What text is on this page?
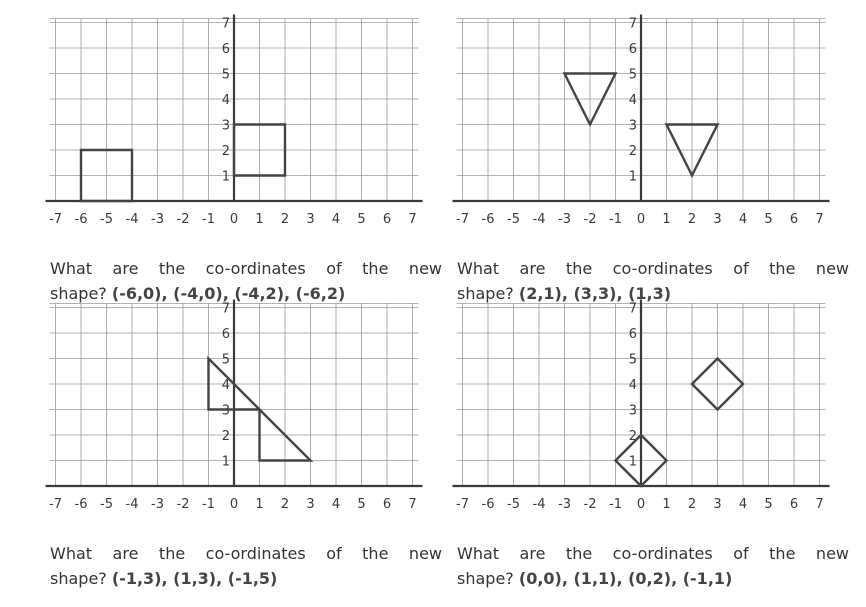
-7 -6 -5 -4 -3 -2 -1 0 1 2 3 4 5 6 7
1
2
3
4
5
6
7
What are the co-ordinates of the new
shape? (-6,0), (-4,0), (-4,2), (-6,2)
-7 -6 -5 -4 -3 -2 -1 0 1 2 3 4 5 6 7
1
2
3
4
5
6
7
What are the co-ordinates of the new
shape? (2,1), (3,3), (1,3)
-7 -6 -5 -4 -3 -2 -1 0 1 2 3 4 5 6 7
1
2
3
4
5
6
7
What are the co-ordinates of the new
shape? (-1,3), (1,3), (-1,5)
-7 -6 -5 -4 -3 -2 -1 0 1 2 3 4 5 6 7
1
2
3
4
5
6
7
What are the co-ordinates of the new
shape? (0,0), (1,1), (0,2), (-1,1)
